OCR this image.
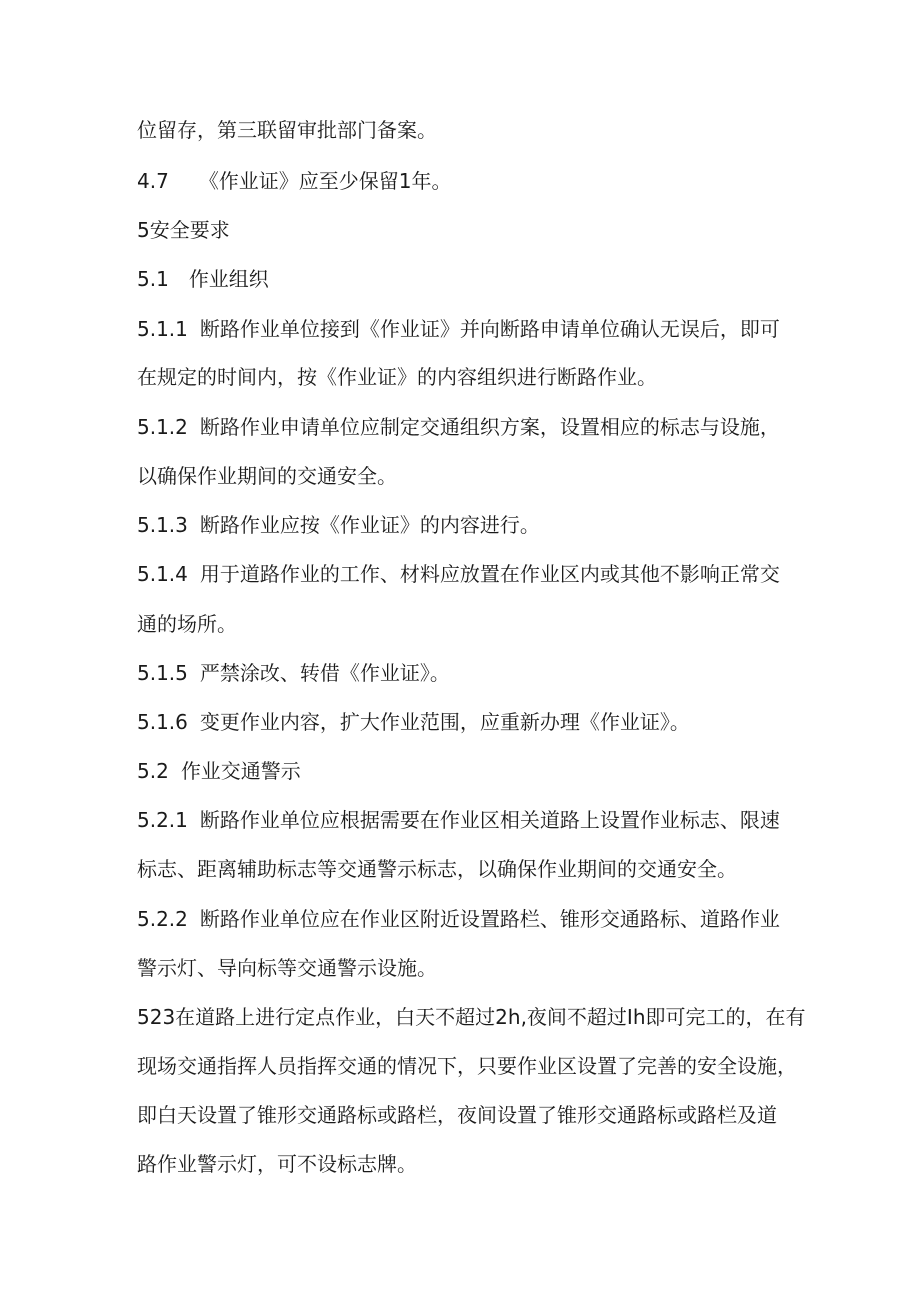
位留存，第三联留审批部门备案。

4.7 《作业证》应至少保留1年。

5安全要求

5.1 作业组织

5.1.1 断路作业单位接到《作业证》并向断路申请单位确认无误后，即可

在规定的时间内，按《作业证》的内容组织进行断路作业。

5.1.2 断路作业申请单位应制定交通组织方案，设置相应的标志与设施，

以确保作业期间的交通安全。

5.1.3 断路作业应按《作业证》的内容进行。

5.1.4 用于道路作业的工作、材料应放置在作业区内或其他不影响正常交

通的场所。

5.1.5 严禁涂改、转借《作业证》。

5.1.6 变更作业内容，扩大作业范围，应重新办理《作业证》。

5.2 作业交通警示

5.2.1 断路作业单位应根据需要在作业区相关道路上设置作业标志、限速

标志、距离辅助标志等交通警示标志，以确保作业期间的交通安全。

5.2.2 断路作业单位应在作业区附近设置路栏、锥形交通路标、道路作业

警示灯、导向标等交通警示设施。

523在道路上进行定点作业，白天不超过2h,夜间不超过Ih即可完工的，在有

现场交通指挥人员指挥交通的情况下，只要作业区设置了完善的安全设施，

即白天设置了锥形交通路标或路栏，夜间设置了锥形交通路标或路栏及道

路作业警示灯，可不设标志牌。
